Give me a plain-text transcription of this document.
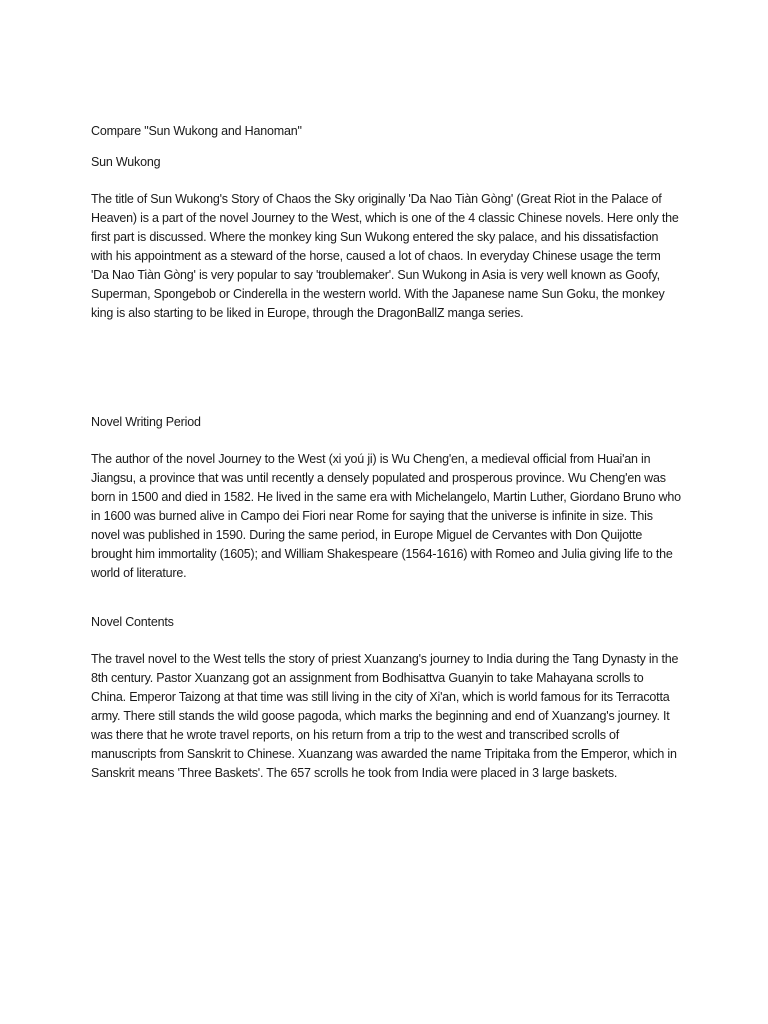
Compare "Sun Wukong and Hanoman"

Sun Wukong

The title of Sun Wukong's Story of Chaos the Sky originally 'Da Nao Tiàn Gòng' (Great Riot in the Palace of Heaven) is a part of the novel Journey to the West, which is one of the 4 classic Chinese novels. Here only the first part is discussed. Where the monkey king Sun Wukong entered the sky palace, and his dissatisfaction with his appointment as a steward of the horse, caused a lot of chaos. In everyday Chinese usage the term 'Da Nao Tiàn Gòng' is very popular to say 'troublemaker'. Sun Wukong in Asia is very well known as Goofy, Superman, Spongebob or Cinderella in the western world. With the Japanese name Sun Goku, the monkey king is also starting to be liked in Europe, through the DragonBallZ manga series.

Novel Writing Period

The author of the novel Journey to the West (xi yoú ji) is Wu Cheng'en, a medieval official from Huai'an in Jiangsu, a province that was until recently a densely populated and prosperous province. Wu Cheng'en was born in 1500 and died in 1582. He lived in the same era with Michelangelo, Martin Luther, Giordano Bruno who in 1600 was burned alive in Campo dei Fiori near Rome for saying that the universe is infinite in size. This novel was published in 1590. During the same period, in Europe Miguel de Cervantes with Don Quijotte brought him immortality (1605); and William Shakespeare (1564-1616) with Romeo and Julia giving life to the world of literature.

Novel Contents

The travel novel to the West tells the story of priest Xuanzang's journey to India during the Tang Dynasty in the 8th century. Pastor Xuanzang got an assignment from Bodhisattva Guanyin to take Mahayana scrolls to China. Emperor Taizong at that time was still living in the city of Xi'an, which is world famous for its Terracotta army. There still stands the wild goose pagoda, which marks the beginning and end of Xuanzang's journey. It was there that he wrote travel reports, on his return from a trip to the west and transcribed scrolls of manuscripts from Sanskrit to Chinese. Xuanzang was awarded the name Tripitaka from the Emperor, which in Sanskrit means 'Three Baskets'. The 657 scrolls he took from India were placed in 3 large baskets.
